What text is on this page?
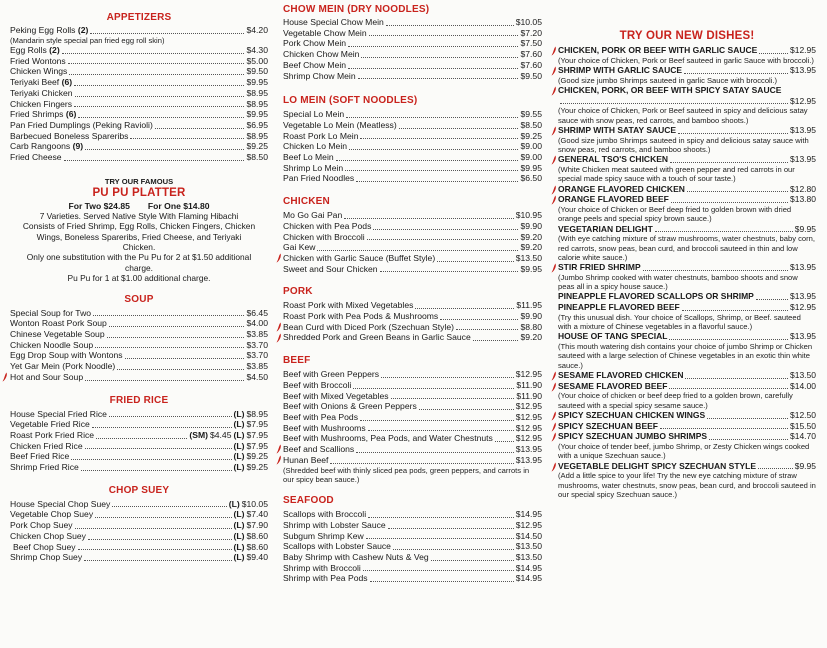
APPETIZERS
Peking Egg Rolls (2)	$4.20
(Mandarin style special pan fried egg roll skin)
Egg Rolls (2)	$4.30
Fried Wontons	$5.00
Chicken Wings	$9.50
Teriyaki Beef (6)	$9.95
Teriyaki Chicken	$8.95
Chicken Fingers	$8.95
Fried Shrimps (6)	$9.95
Pan Fried Dumplings (Peking Ravioli)	$6.95
Barbecued Boneless Spareribs	$8.95
Carb Rangoons (9)	$9.25
Fried Cheese	$8.50
TRY OUR FAMOUS
PU PU PLATTER
For Two $24.85 For One $14.80
7 Varieties. Served Native Style With Flaming Hibachi
Consists of Fried Shrimp, Egg Rolls, Chicken Fingers, Chicken
Wings, Boneless Spareribs, Fried Cheese, and Teriyaki
Chicken.
Only one substitution with the Pu Pu for 2 at $1.50 additional
charge.
Pu Pu for 1 at $1.00 additional charge.
SOUP
Special Soup for Two	$6.45
Wonton Roast Pork Soup	$4.00
Chinese Vegetable Soup	$3.85
Chicken Noodle Soup	$3.70
Egg Drop Soup with Wontons	$3.70
Yet Gar Mein (Pork Noodle)	$3.85
Hot and Sour Soup	$4.50
FRIED RICE
House Special Fried Rice	(L) $8.95
Vegetable Fried Rice	(L) $7.95
Roast Pork Fried Rice	(SM) $4.45 (L) $7.95
Chicken Fried Rice	(L) $7.95
Beef Fried Rice	(L) $9.25
Shrimp Fried Rice	(L) $9.25
CHOP SUEY
House Special Chop Suey	(L) $10.05
Vegetable Chop Suey	(L) $7.40
Pork Chop Suey	(L) $7.90
Chicken Chop Suey	(L) $8.60
Beef Chop Suey	(L) $8.60
Shrimp Chop Suey	(L) $9.40
CHOW MEIN (DRY NOODLES)
House Special Chow Mein	$10.05
Vegetable Chow Mein	$7.20
Pork Chow Mein	$7.50
Chicken Chow Mein	$7.60
Beef Chow Mein	$7.60
Shrimp Chow Mein	$9.50
LO MEIN (SOFT NOODLES)
Special Lo Mein	$9.55
Vegetable Lo Mein (Meatless)	$8.50
Roast Pork Lo Mein	$9.25
Chicken Lo Mein	$9.00
Beef Lo Mein	$9.00
Shrimp Lo Mein	$9.95
Pan Fried Noodles	$6.50
CHICKEN
Mo Go Gai Pan	$10.95
Chicken with Pea Pods	$9.90
Chicken with Broccoli	$9.20
Gai Kew	$9.20
Chicken with Garlic Sauce (Buffet Style)	$13.50
Sweet and Sour Chicken	$9.95
PORK
Roast Pork with Mixed Vegetables	$11.95
Roast Pork with Pea Pods & Mushrooms	$9.90
Bean Curd with Diced Pork (Szechuan Style)	$8.80
Shredded Pork and Green Beans in Garlic Sauce	$9.20
BEEF
Beef with Green Peppers	$12.95
Beef with Broccoli	$11.90
Beef with Mixed Vegetables	$11.90
Beef with Onions & Green Peppers	$12.95
Beef with Pea Pods	$12.95
Beef with Mushrooms	$12.95
Beef with Mushrooms, Pea Pods, and Water Chestnuts	$12.95
Beef and Scallions	$13.95
Hunan Beef	$13.95
(Shredded beef with thinly sliced pea pods, green peppers, and carrots in our spicy bean sauce.)
SEAFOOD
Scallops with Broccoli	$14.95
Shrimp with Lobster Sauce	$12.95
Subgum Shrimp Kew	$14.50
Scallops with Lobster Sauce	$13.50
Baby Shrimp with Cashew Nuts & Veg	$13.50
Shrimp with Broccoli	$14.95
Shrimp with Pea Pods	$14.95
TRY OUR NEW DISHES!
CHICKEN, PORK OR BEEF WITH GARLIC SAUCE	$12.95
(Your choice of Chicken, Pork or Beef sauteed in garlic Sauce with broccoli.)
SHRIMP WITH GARLIC SAUCE	$13.95
(Good size jumbo Shrimps sauteed in garlic Sauce with broccoli.)
CHICKEN, PORK, OR BEEF WITH SPICY SATAY SAUCE
$12.95
(Your choice of Chicken, Pork or Beef sauteed in spicy and delicious satay sauce with snow peas, red carrots, and bamboo shoots.)
SHRIMP WITH SATAY SAUCE	$13.95
(Good size jumbo Shrimps sauteed in spicy and delicious satay sauce with snow peas, red carrots, and bamboo shoots.)
GENERAL TSO'S CHICKEN	$13.95
(White Chicken meat sauteed with green pepper and red carrots in our special made spicy sauce with a touch of sour taste.)
ORANGE FLAVORED CHICKEN	$12.80
ORANGE FLAVORED BEEF	$13.80
(Your choice of Chicken or Beef deep fried to golden brown with dried orange peels and special spicy brown sauce.)
VEGETARIAN DELIGHT	$9.95
(With eye catching mixture of straw mushrooms, water chestnuts, baby corn, red carrots, snow peas, bean curd, and broccoli sauteed in thin and low calorie white sauce.)
STIR FRIED SHRIMP	$13.95
(Jumbo Shrimp cooked with water chestnuts, bamboo shoots and snow peas all in a spicy house sauce.)
PINEAPPLE FLAVORED SCALLOPS OR SHRIMP	$13.95
PINEAPPLE FLAVORED BEEF	$12.95
(Try this unusual dish. Your choice of Scallops, Shrimp, or Beef. sauteed with a mixture of Chinese vegetables in a flavorful sauce.)
HOUSE OF TANG SPECIAL	$13.95
(This mouth watering dish contains your choice of jumbo Shrimp or Chicken sauteed with a large selection of Chinese vegetables in an exotic thin white sauce.)
SESAME FLAVORED CHICKEN	$13.50
SESAME FLAVORED BEEF	$14.00
(Your choice of chicken or beef deep fried to a golden brown, carefully sauteed with a special spicy sesame sauce.)
SPICY SZECHUAN CHICKEN WINGS	$12.50
SPICY SZECHUAN BEEF	$15.50
SPICY SZECHUAN JUMBO SHRIMPS	$14.70
(Your choice of tender beef, jumbo Shrimp, or Zesty Chicken wings cooked with a unique Szechuan sauce.)
VEGETABLE DELIGHT SPICY SZECHUAN STYLE	$9.95
(Add a little spice to your life! Try the new eye catching mixture of straw mushrooms, water chestnuts, snow peas, bean curd, and broccoli sauteed in our special spicy Szechuan sauce.)
